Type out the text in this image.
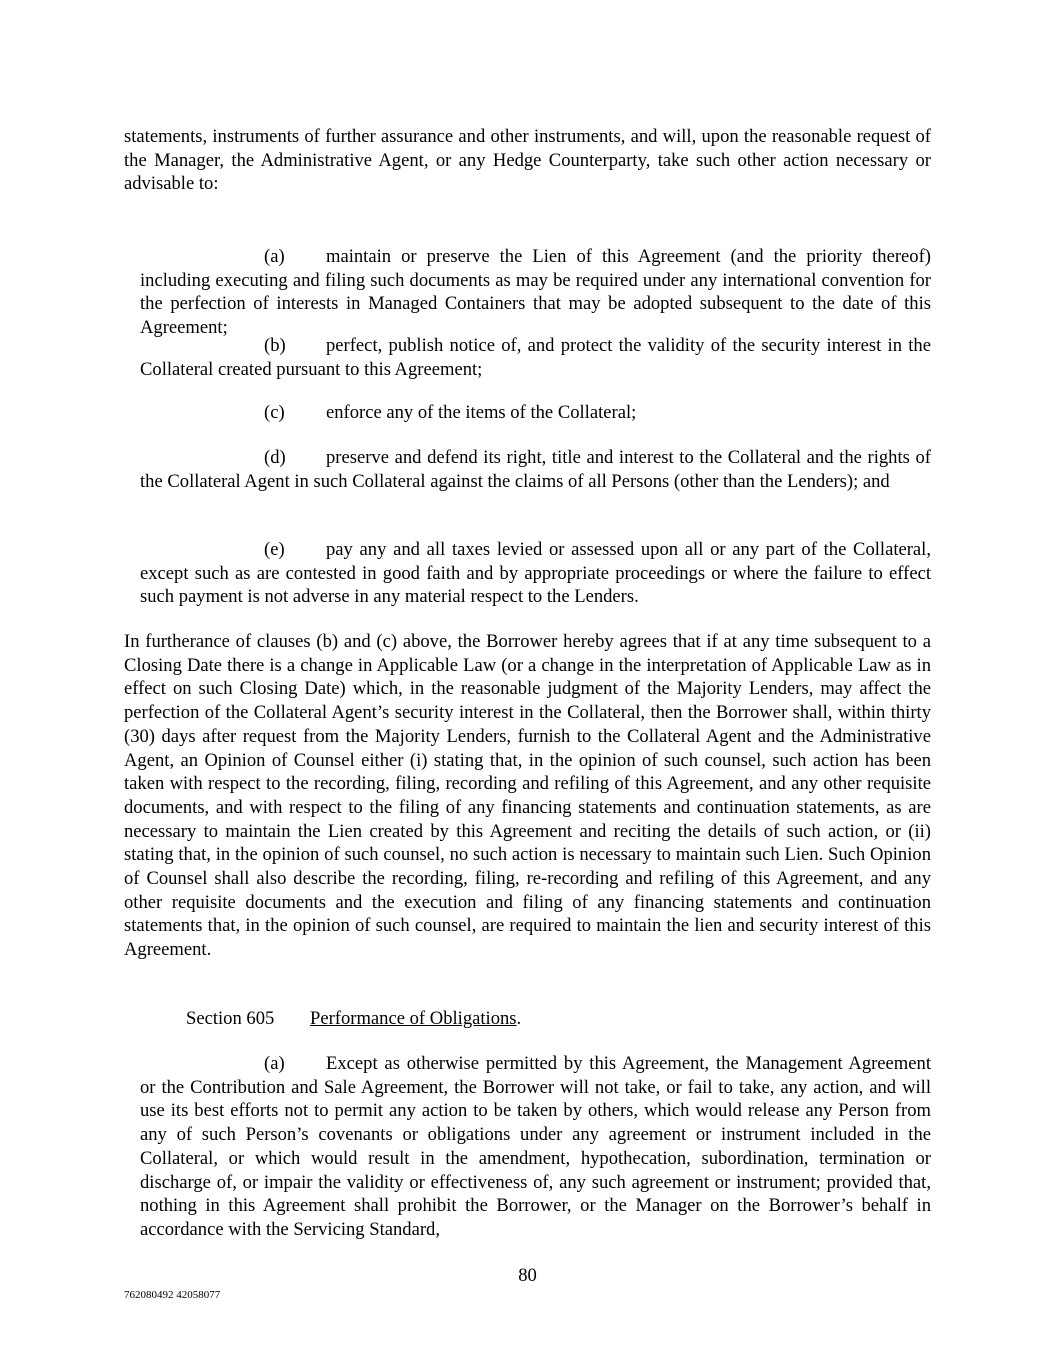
statements, instruments of further assurance and other instruments, and will, upon the reasonable request of the Manager, the Administrative Agent, or any Hedge Counterparty, take such other action necessary or advisable to:

(a) maintain or preserve the Lien of this Agreement (and the priority thereof) including executing and filing such documents as may be required under any international convention for the perfection of interests in Managed Containers that may be adopted subsequent to the date of this Agreement;

(b) perfect, publish notice of, and protect the validity of the security interest in the Collateral created pursuant to this Agreement;

(c) enforce any of the items of the Collateral;

(d) preserve and defend its right, title and interest to the Collateral and the rights of the Collateral Agent in such Collateral against the claims of all Persons (other than the Lenders); and

(e) pay any and all taxes levied or assessed upon all or any part of the Collateral, except such as are contested in good faith and by appropriate proceedings or where the failure to effect such payment is not adverse in any material respect to the Lenders.

In furtherance of clauses (b) and (c) above, the Borrower hereby agrees that if at any time subsequent to a Closing Date there is a change in Applicable Law (or a change in the interpretation of Applicable Law as in effect on such Closing Date) which, in the reasonable judgment of the Majority Lenders, may affect the perfection of the Collateral Agent’s security interest in the Collateral, then the Borrower shall, within thirty (30) days after request from the Majority Lenders, furnish to the Collateral Agent and the Administrative Agent, an Opinion of Counsel either (i) stating that, in the opinion of such counsel, such action has been taken with respect to the recording, filing, recording and refiling of this Agreement, and any other requisite documents, and with respect to the filing of any financing statements and continuation statements, as are necessary to maintain the Lien created by this Agreement and reciting the details of such action, or (ii) stating that, in the opinion of such counsel, no such action is necessary to maintain such Lien. Such Opinion of Counsel shall also describe the recording, filing, re-recording and refiling of this Agreement, and any other requisite documents and the execution and filing of any financing statements and continuation statements that, in the opinion of such counsel, are required to maintain the lien and security interest of this Agreement.

Section 605 Performance of Obligations.

(a) Except as otherwise permitted by this Agreement, the Management Agreement or the Contribution and Sale Agreement, the Borrower will not take, or fail to take, any action, and will use its best efforts not to permit any action to be taken by others, which would release any Person from any of such Person’s covenants or obligations under any agreement or instrument included in the Collateral, or which would result in the amendment, hypothecation, subordination, termination or discharge of, or impair the validity or effectiveness of, any such agreement or instrument; provided that, nothing in this Agreement shall prohibit the Borrower, or the Manager on the Borrower’s behalf in accordance with the Servicing Standard,

80
762080492 42058077
